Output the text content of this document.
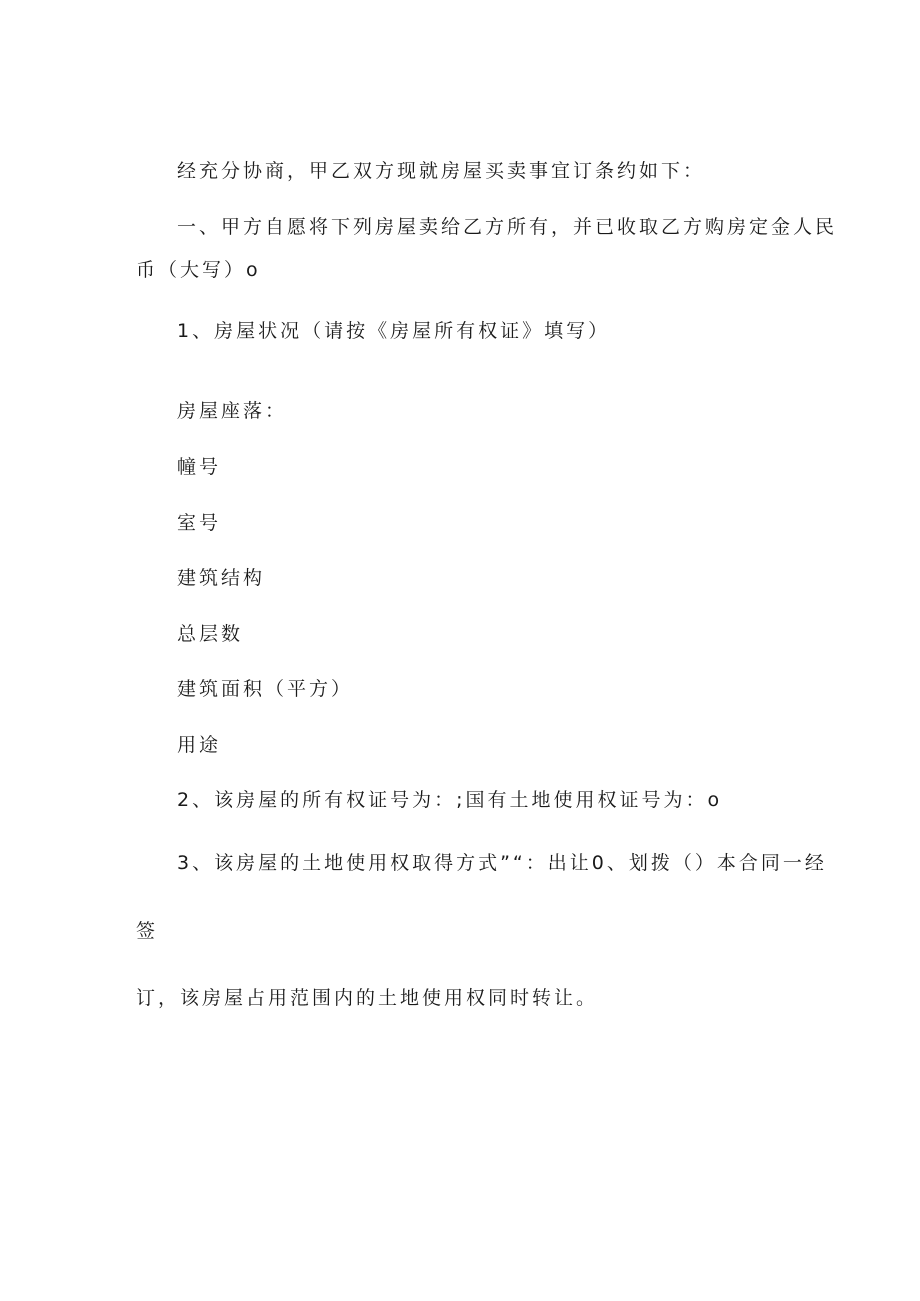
经充分协商，甲乙双方现就房屋买卖事宜订条约如下：
一、甲方自愿将下列房屋卖给乙方所有，并已收取乙方购房定金人民
币（大写）o
1、房屋状况（请按《房屋所有权证》填写）
房屋座落：
幢号
室号
建筑结构
总层数
建筑面积（平方）
用途
2、该房屋的所有权证号为：;国有土地使用权证号为：o
3、该房屋的土地使用权取得方式”“：出让0、划拨（）本合同一经
签
订，该房屋占用范围内的土地使用权同时转让。
